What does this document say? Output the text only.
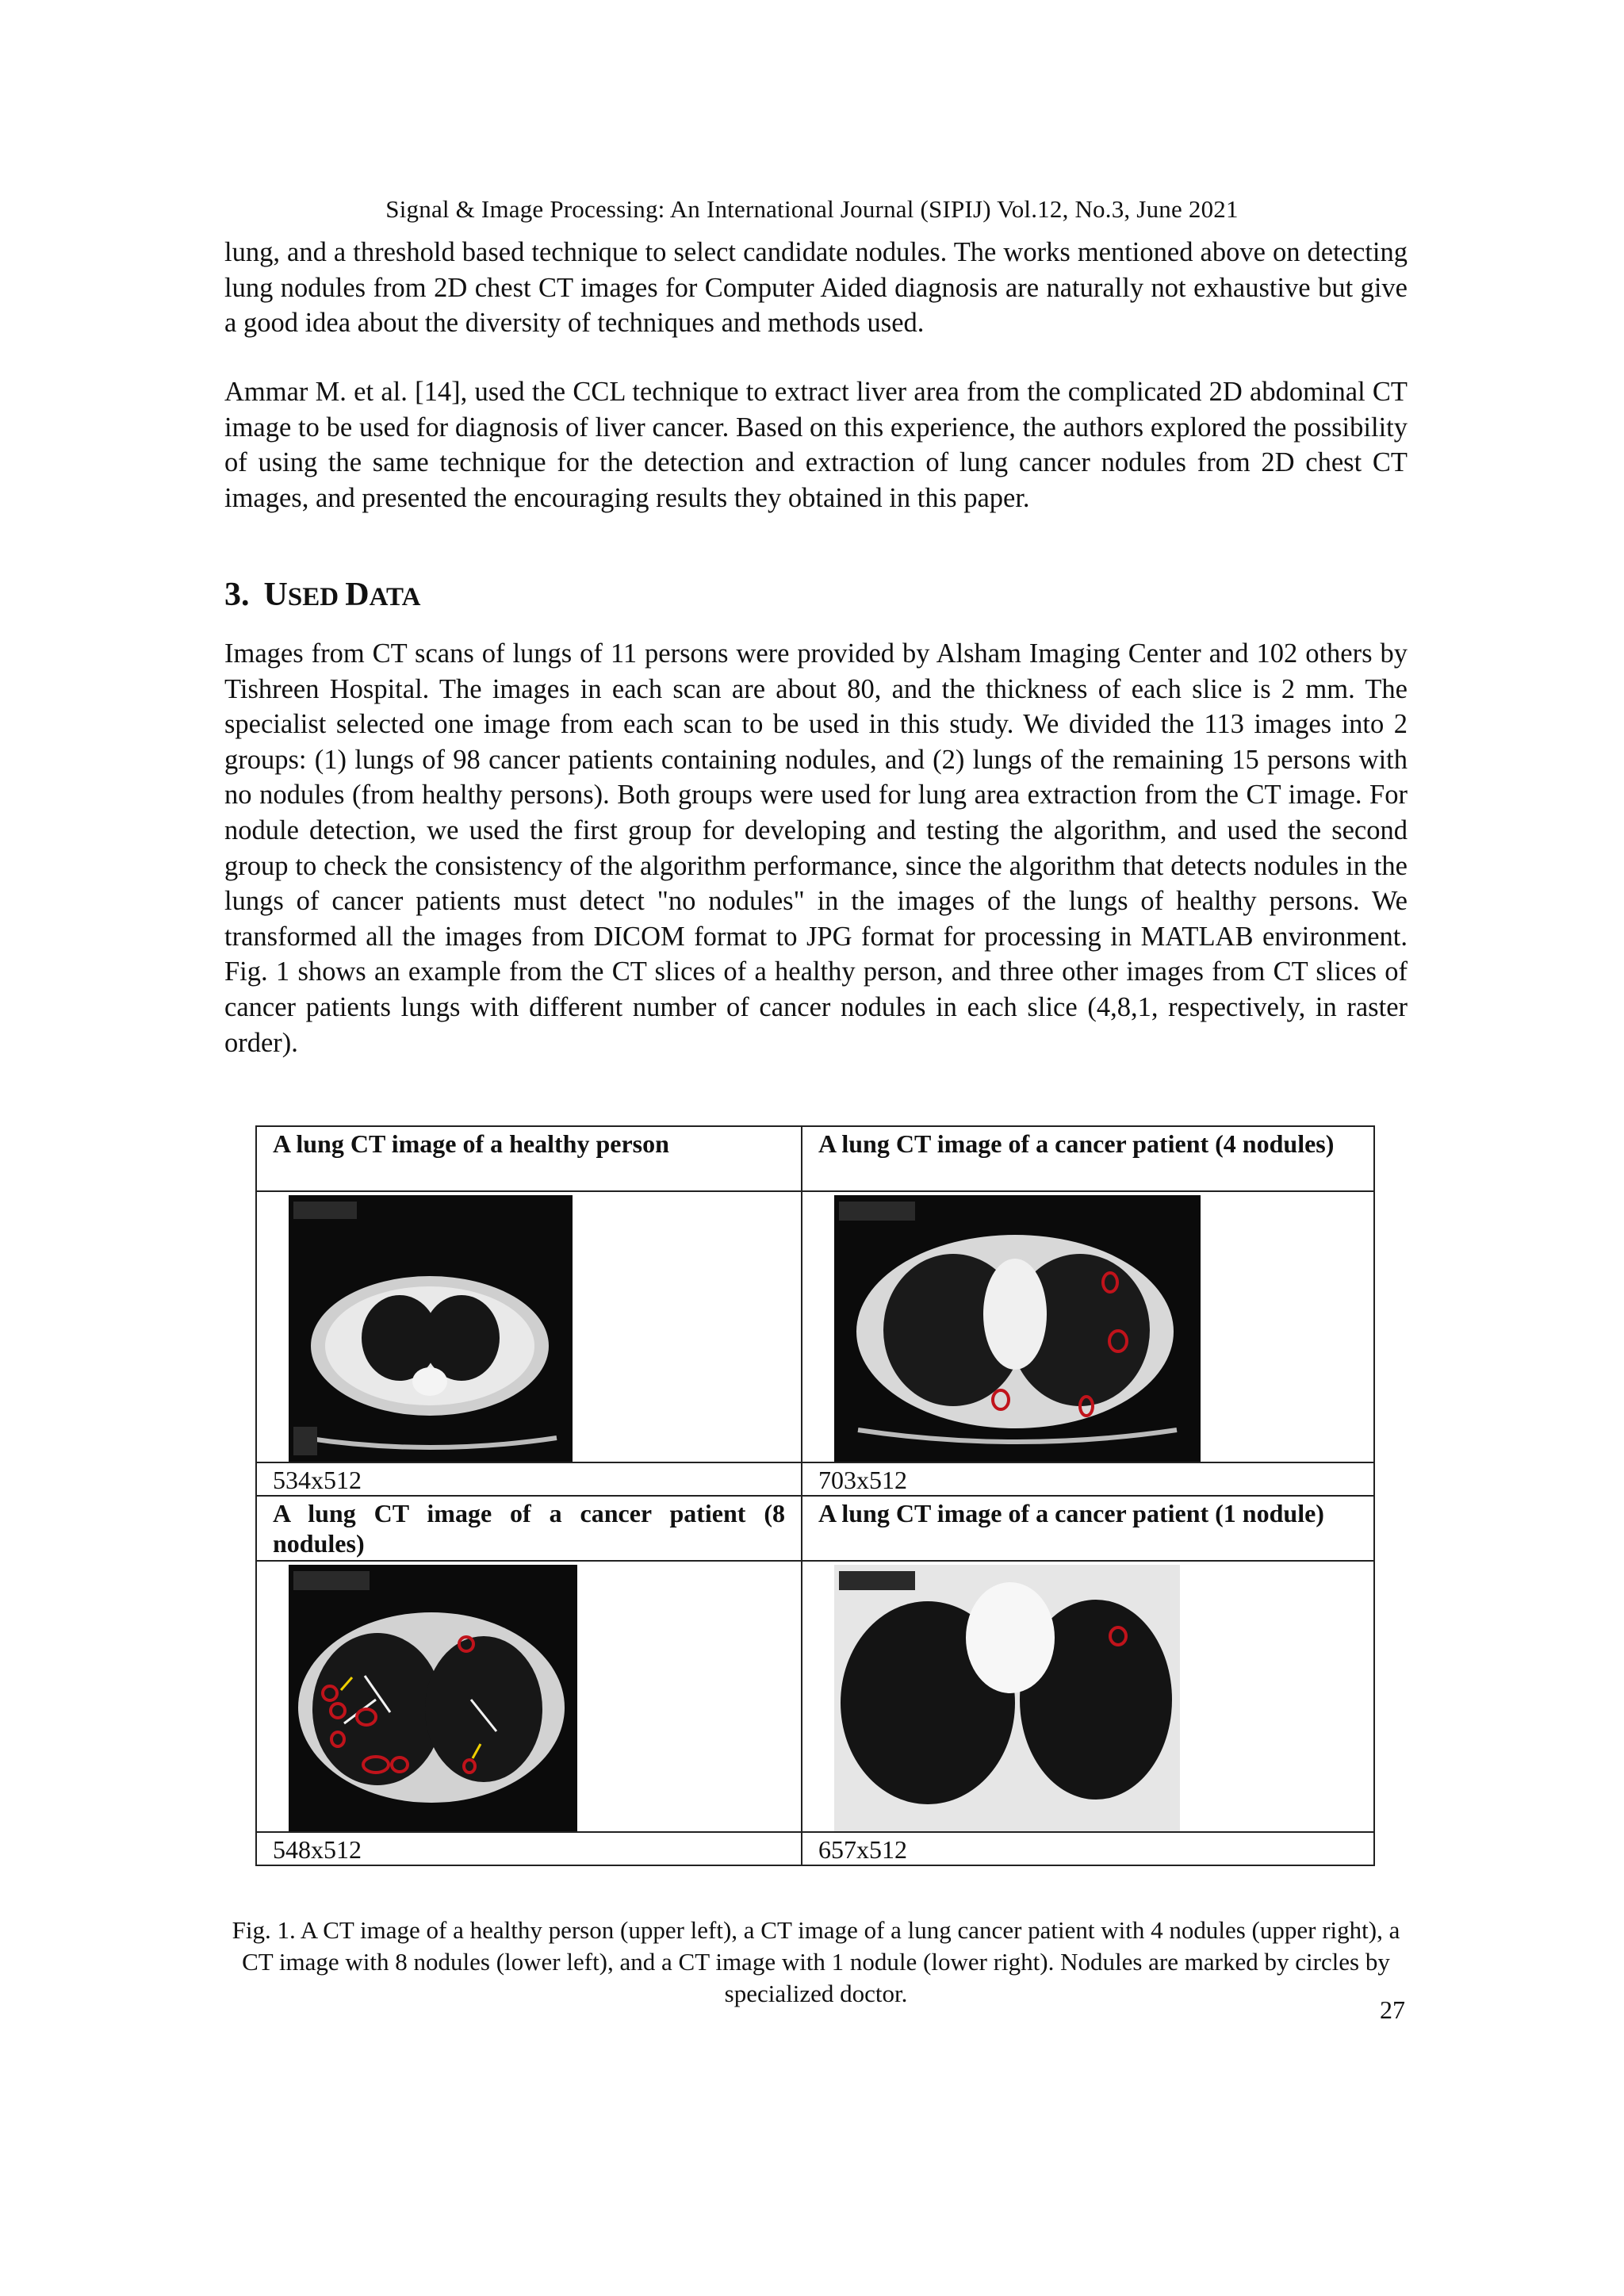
Signal & Image Processing: An International Journal (SIPIJ) Vol.12, No.3, June 2021

lung, and a threshold based technique to select candidate nodules. The works mentioned above on detecting lung nodules from 2D chest CT images for Computer Aided diagnosis are naturally not exhaustive but give a good idea about the diversity of techniques and methods used.

Ammar M. et al. [14], used the CCL technique to extract liver area from the complicated 2D abdominal CT image to be used for diagnosis of liver cancer. Based on this experience, the authors explored the possibility of using the same technique for the detection and extraction of lung cancer nodules from 2D chest CT images, and presented the encouraging results they obtained in this paper.

3. USED DATA

Images from CT scans of lungs of 11 persons were provided by Alsham Imaging Center and 102 others by Tishreen Hospital. The images in each scan are about 80, and the thickness of each slice is 2 mm. The specialist selected one image from each scan to be used in this study. We divided the 113 images into 2 groups: (1) lungs of 98 cancer patients containing nodules, and (2) lungs of the remaining 15 persons with no nodules (from healthy persons). Both groups were used for lung area extraction from the CT image. For nodule detection, we used the first group for developing and testing the algorithm, and used the second group to check the consistency of the algorithm performance, since the algorithm that detects nodules in the lungs of cancer patients must detect "no nodules" in the images of the lungs of healthy persons. We transformed all the images from DICOM format to JPG format for processing in MATLAB environment. Fig. 1 shows an example from the CT slices of a healthy person, and three other images from CT slices of cancer patients lungs with different number of cancer nodules in each slice (4,8,1, respectively, in raster order).

A lung CT image of a healthy person	A lung CT image of a cancer patient (4 nodules)

534x512	703x512
A lung CT image of a cancer patient (8 nodules)	A lung CT image of a cancer patient (1 nodule)

548x512	657x512
Fig. 1. A CT image of a healthy person (upper left), a CT image of a lung cancer patient with 4 nodules (upper right), a CT image with 8 nodules (lower left), and a CT image with 1 nodule (lower right). Nodules are marked by circles by specialized doctor.
27
